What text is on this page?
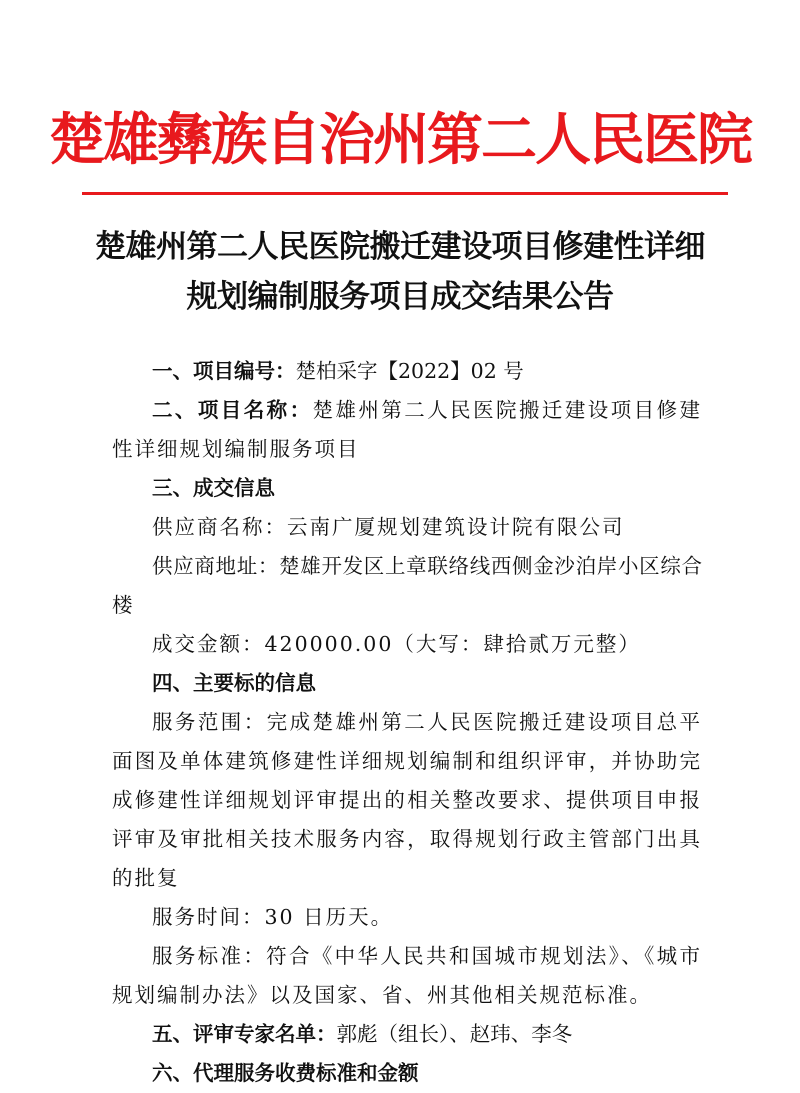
楚雄彝族自治州第二人民医院
楚雄州第二人民医院搬迁建设项目修建性详细
规划编制服务项目成交结果公告

一、项目编号：楚柏采字【2022】02 号

二、项目名称：楚雄州第二人民医院搬迁建设项目修建性详细规划编制服务项目

三、成交信息

供应商名称：云南广厦规划建筑设计院有限公司

供应商地址：楚雄开发区上章联络线西侧金沙泊岸小区综合楼

成交金额：420000.00（大写：肆拾贰万元整）

四、主要标的信息

服务范围：完成楚雄州第二人民医院搬迁建设项目总平面图及单体建筑修建性详细规划编制和组织评审，并协助完成修建性详细规划评审提出的相关整改要求、提供项目申报评审及审批相关技术服务内容，取得规划行政主管部门出具的批复

服务时间：30 日历天。

服务标准：符合《中华人民共和国城市规划法》、《城市规划编制办法》以及国家、省、州其他相关规范标准。

五、评审专家名单：郭彪（组长）、赵玮、李冬

六、代理服务收费标准和金额
